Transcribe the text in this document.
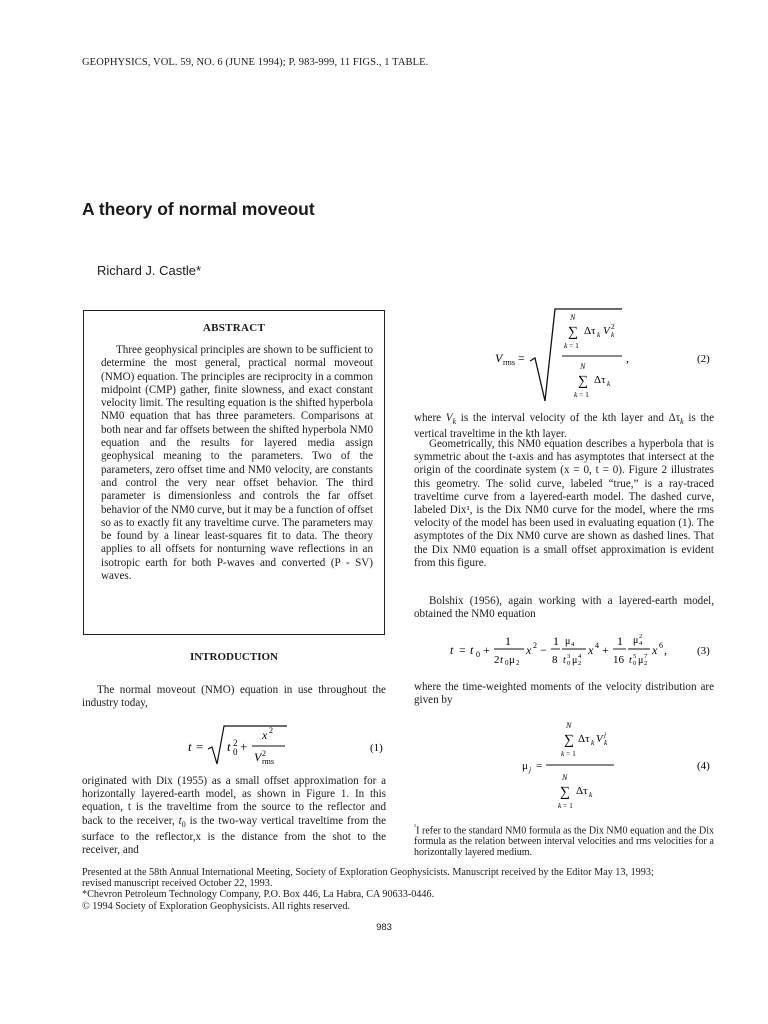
GEOPHYSICS, VOL. 59, NO. 6 (JUNE 1994); P. 983-999, 11 FIGS., 1 TABLE.
A theory of normal moveout
Richard J. Castle*
ABSTRACT
Three geophysical principles are shown to be sufficient to determine the most general, practical normal moveout (NMO) equation. The principles are reciprocity in a common midpoint (CMP) gather, finite slowness, and exact constant velocity limit. The resulting equation is the shifted hyperbola NM0 equation that has three parameters. Comparisons at both near and far offsets between the shifted hyperbola NM0 equation and the results for layered media assign geophysical meaning to the parameters. Two of the parameters, zero offset time and NM0 velocity, are constants and control the very near offset behavior. The third parameter is dimensionless and controls the far offset behavior of the NM0 curve, but it may be a function of offset so as to exactly fit any traveltime curve. The parameters may be found by a linear least-squares fit to data. The theory applies to all offsets for nonturning wave reflections in an isotropic earth for both P-waves and converted (P - SV) waves.
INTRODUCTION
The normal moveout (NMO) equation in use throughout the industry today,
t = t 0
2 +
x 2
V 2
rms
(1)
originated with Dix (1955) as a small offset approximation for a horizontally layered-earth model, as shown in Figure 1. In this equation, t is the traveltime from the source to the reflector and back to the receiver, $t_0$ is the two-way vertical traveltime from the surface to the reflector,x is the distance from the shot to the receiver, and
V rms =
N
∑
k = 1
Δτ k V k
2
N
∑
k = 1
Δτ k
,	(2)
where $V_k$ is the interval velocity of the kth layer and $\Delta\tau_k$ is the vertical traveltime in the kth layer.
Geometrically, this NM0 equation describes a hyperbola that is symmetric about the t-axis and has asymptotes that intersect at the origin of the coordinate system (x = 0, t = 0). Figure 2 illustrates this geometry. The solid curve, labeled “true,” is a ray-traced traveltime curve from a layered-earth model. The dashed curve, labeled Dix¹, is the Dix NM0 curve for the model, where the rms velocity of the model has been used in evaluating equation (1). The asymptotes of the Dix NM0 curve are shown as dashed lines. That the Dix NM0 equation is a small offset approximation is evident from this figure.
Bolshix (1956), again working with a layered-earth model, obtained the NM0 equation
t = t 0 +
1
2 t 0 μ 2
x 2 −
1
8
μ 4
t 0
3 μ 2
4 x 4 +
1
16
μ 4
2
t 0
5 μ 2
7 x 6 ,	(3)
where the time-weighted moments of the velocity distribution are given by
N
∑
k = 1
Δτ k V k
j
μ j =
N
∑
k = 1
Δτ k
(4)
$^{^1}$I refer to the standard NM0 formula as the Dix NM0 equation and the Dix formula as the relation between interval velocities and rms velocities for a horizontally layered medium.
Presented at the 58th Annual International Meeting, Society of Exploration Geophysicists. Manuscript received by the Editor May 13, 1993;
revised manuscript received October 22, 1993.
*Chevron Petroleum Technology Company, P.O. Box 446, La Habra, CA 90633-0446.
© 1994 Society of Exploration Geophysicists. All rights reserved.
983
